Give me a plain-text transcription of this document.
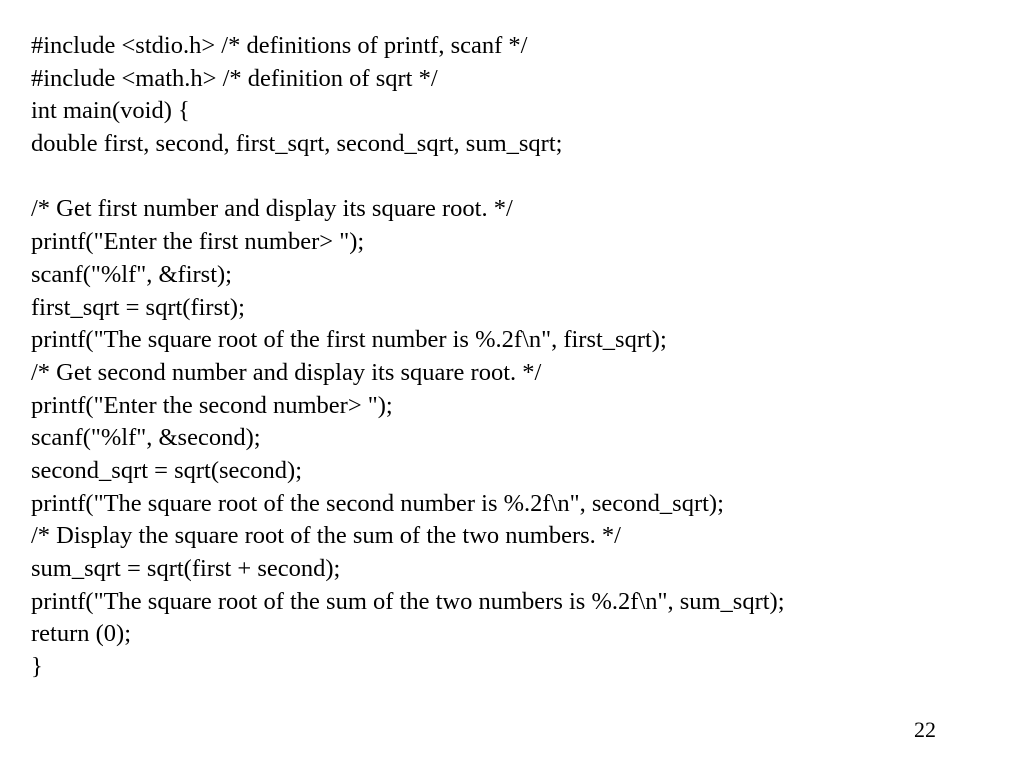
#include <stdio.h> /* definitions of printf, scanf */
#include <math.h> /* definition of sqrt */
int main(void) {
double first, second, first_sqrt, second_sqrt, sum_sqrt;
/* Get first number and display its square root. */
printf("Enter the first number> ");
scanf("%lf", &first);
first_sqrt = sqrt(first);
printf("The square root of the first number is %.2f\n", first_sqrt);
/* Get second number and display its square root. */
printf("Enter the second number> ");
scanf("%lf", &second);
second_sqrt = sqrt(second);
printf("The square root of the second number is %.2f\n", second_sqrt);
/* Display the square root of the sum of the two numbers. */
sum_sqrt = sqrt(first + second);
printf("The square root of the sum of the two numbers is %.2f\n", sum_sqrt);
return (0);
}
22
